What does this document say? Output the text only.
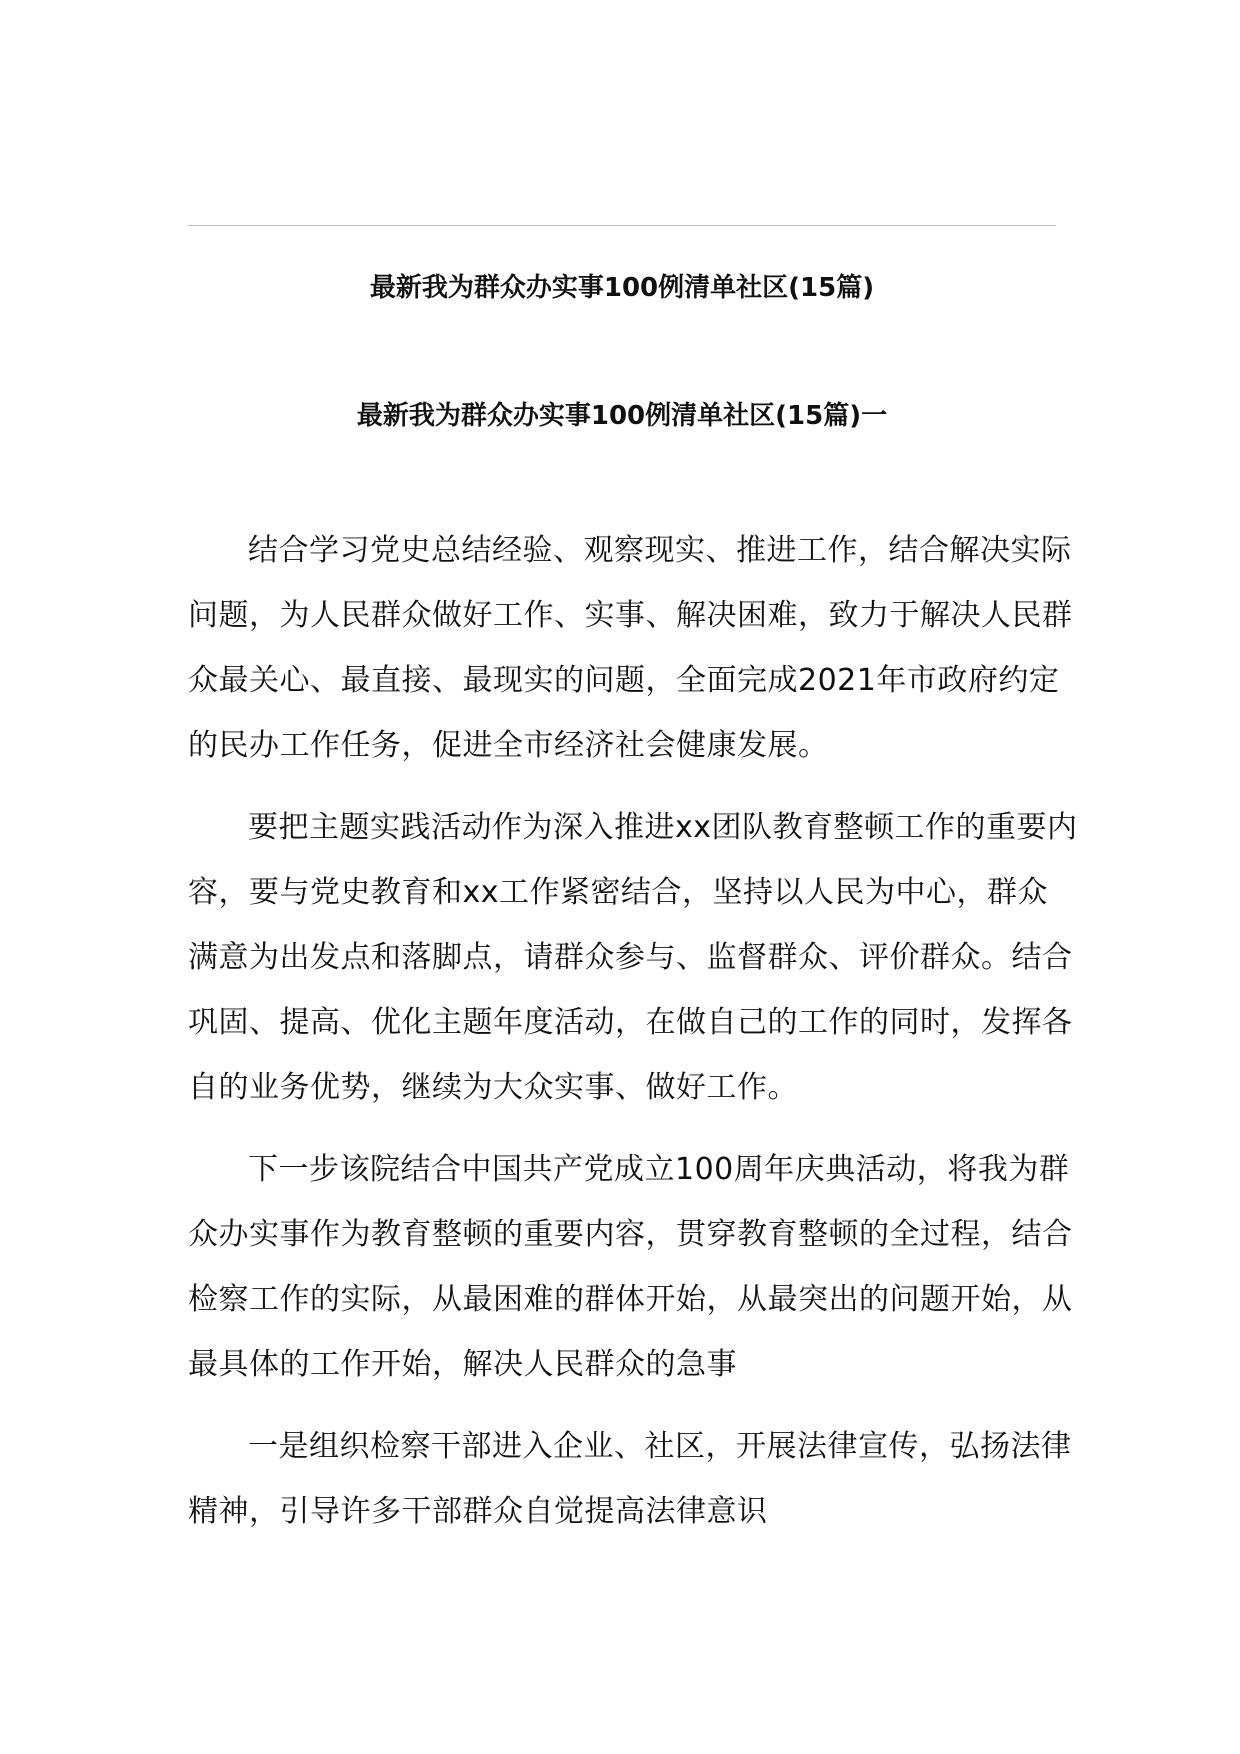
最新我为群众办实事100例清单社区(15篇)
最新我为群众办实事100例清单社区(15篇)一

结合学习党史总结经验、观察现实、推进工作，结合解决实际问题，为人民群众做好工作、实事、解决困难，致力于解决人民群众最关心、最直接、最现实的问题，全面完成2021年市政府约定的民办工作任务，促进全市经济社会健康发展。

要把主题实践活动作为深入推进xx团队教育整顿工作的重要内容，要与党史教育和xx工作紧密结合，坚持以人民为中心，群众满意为出发点和落脚点，请群众参与、监督群众、评价群众。结合巩固、提高、优化主题年度活动，在做自己的工作的同时，发挥各自的业务优势，继续为大众实事、做好工作。

下一步该院结合中国共产党成立100周年庆典活动，将我为群众办实事作为教育整顿的重要内容，贯穿教育整顿的全过程，结合检察工作的实际，从最困难的群体开始，从最突出的问题开始，从最具体的工作开始，解决人民群众的急事

一是组织检察干部进入企业、社区，开展法律宣传，弘扬法律精神，引导许多干部群众自觉提高法律意识
